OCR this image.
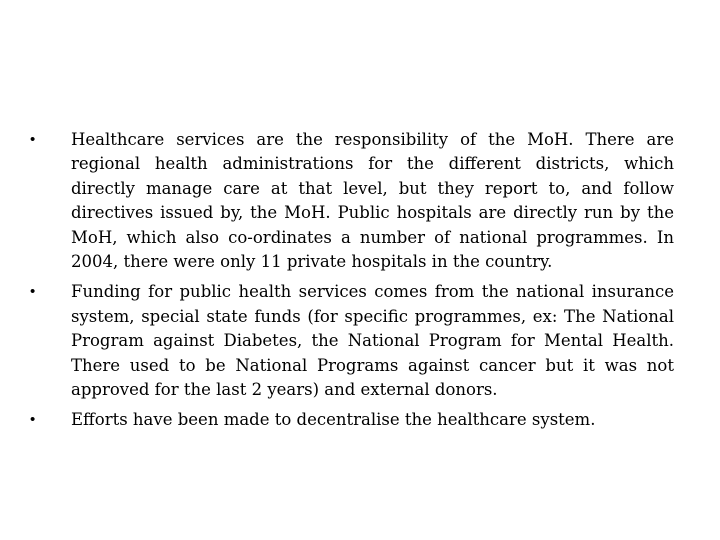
•	Healthcare services are the responsibility of the MoH. There are regional health administrations for the different districts, which directly manage care at that level, but they report to, and follow directives issued by, the MoH. Public hospitals are directly run by the MoH, which also co-ordinates a number of national programmes. In 2004, there were only 11 private hospitals in the country.
•	Funding for public health services comes from the national insurance system, special state funds (for specific programmes, ex: The National Program against Diabetes, the National Program for Mental Health. There used to be National Programs against cancer but it was not approved for the last 2 years) and external donors.
•	Efforts have been made to decentralise the healthcare system.
